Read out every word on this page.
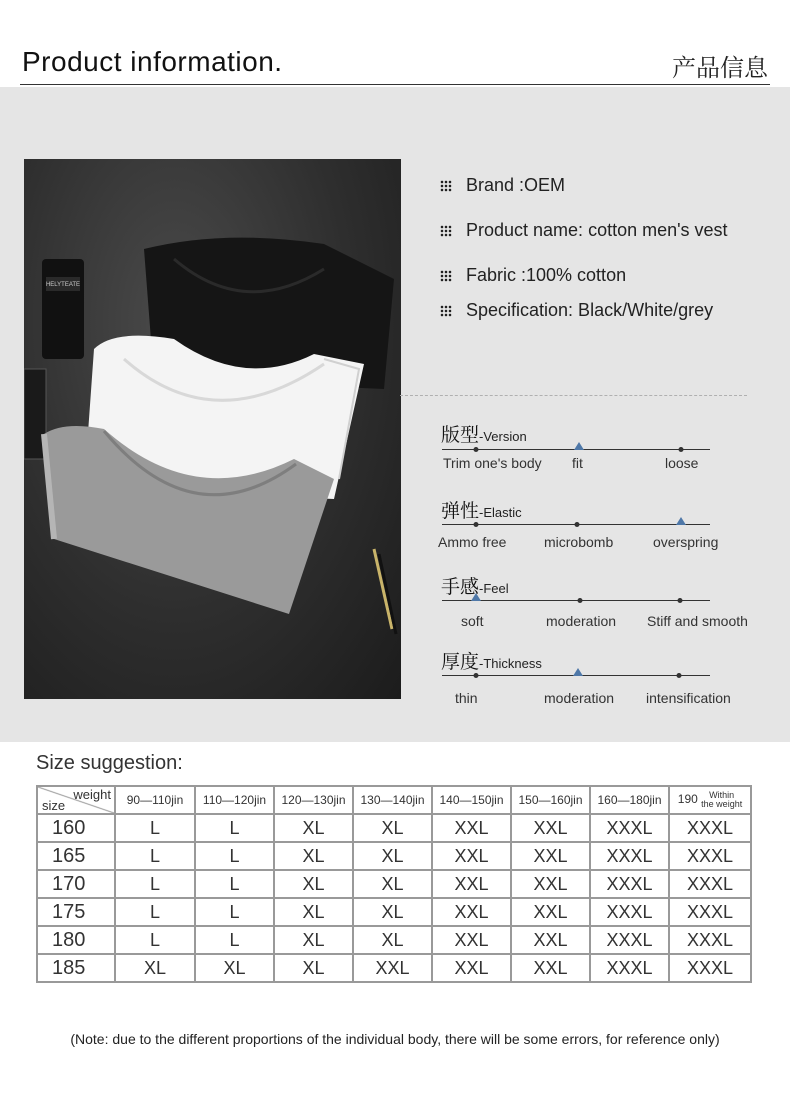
Product information.	产品信息
HELYTEATE
Brand :OEM
Product name: cotton men's vest
Fabric :100% cotton
Specification: Black/White/grey
版型 -Version
Trim one's body fit	loose
弹性 -Elastic
Ammo free	microbomb	overspring
手感 -Feel
soft	moderation Stiff and smooth
厚度 -Thickness
thin	moderation intensification
Size suggestion:
weight
size	90—110jin	110—120jin	120—130jin	130—140jin	140—150jin	150—160jin	160—180jin	190 Within
the weight
160	L	L	XL	XL	XXL	XXL	XXXL	XXXL
165	L	L	XL	XL	XXL	XXL	XXXL	XXXL
170	L	L	XL	XL	XXL	XXL	XXXL	XXXL
175	L	L	XL	XL	XXL	XXL	XXXL	XXXL
180	L	L	XL	XL	XXL	XXL	XXXL	XXXL
185	XL	XL	XL	XXL	XXL	XXL	XXXL	XXXL
(Note: due to the different proportions of the individual body, there will be some errors, for reference only)
